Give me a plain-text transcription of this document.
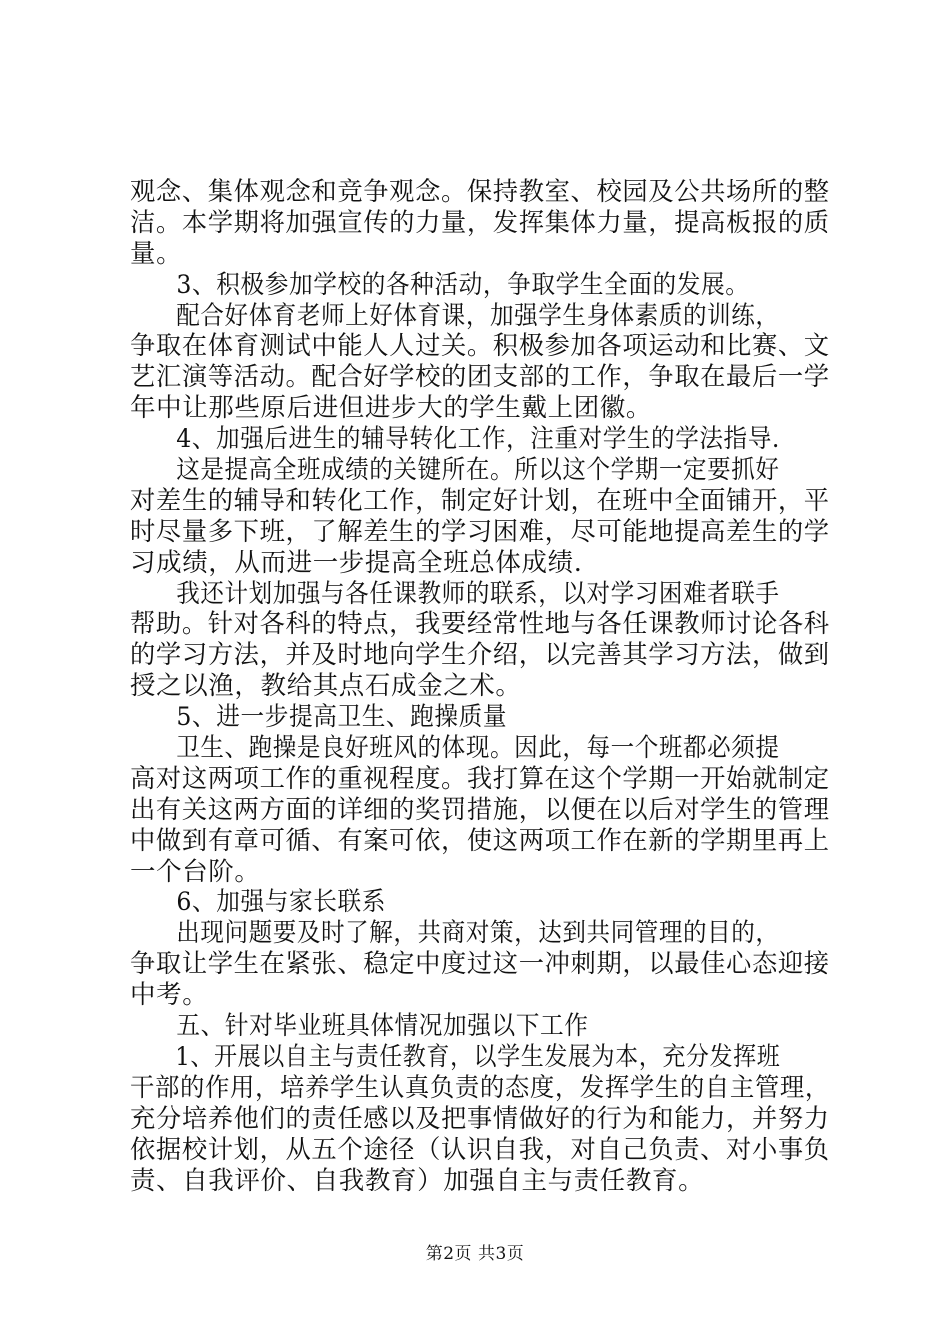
观念、集体观念和竞争观念。保持教室、校园及公共场所的整
洁。本学期将加强宣传的力量，发挥集体力量，提高板报的质
量。
3、积极参加学校的各种活动，争取学生全面的发展。
配合好体育老师上好体育课，加强学生身体素质的训练，
争取在体育测试中能人人过关。积极参加各项运动和比赛、文
艺汇演等活动。配合好学校的团支部的工作，争取在最后一学
年中让那些原后进但进步大的学生戴上团徽。
4、加强后进生的辅导转化工作，注重对学生的学法指导.
这是提高全班成绩的关键所在。所以这个学期一定要抓好
对差生的辅导和转化工作，制定好计划，在班中全面铺开，平
时尽量多下班，了解差生的学习困难，尽可能地提高差生的学
习成绩，从而进一步提高全班总体成绩.
我还计划加强与各任课教师的联系，以对学习困难者联手
帮助。针对各科的特点，我要经常性地与各任课教师讨论各科
的学习方法，并及时地向学生介绍，以完善其学习方法，做到
授之以渔，教给其点石成金之术。
5、进一步提高卫生、跑操质量
卫生、跑操是良好班风的体现。因此，每一个班都必须提
高对这两项工作的重视程度。我打算在这个学期一开始就制定
出有关这两方面的详细的奖罚措施，以便在以后对学生的管理
中做到有章可循、有案可依，使这两项工作在新的学期里再上
一个台阶。
6、加强与家长联系
出现问题要及时了解，共商对策，达到共同管理的目的，
争取让学生在紧张、稳定中度过这一冲刺期，以最佳心态迎接
中考。
五、针对毕业班具体情况加强以下工作
1、开展以自主与责任教育，以学生发展为本，充分发挥班
干部的作用，培养学生认真负责的态度，发挥学生的自主管理，
充分培养他们的责任感以及把事情做好的行为和能力，并努力
依据校计划，从五个途径（认识自我，对自己负责、对小事负
责、自我评价、自我教育）加强自主与责任教育。
第2页 共3页
